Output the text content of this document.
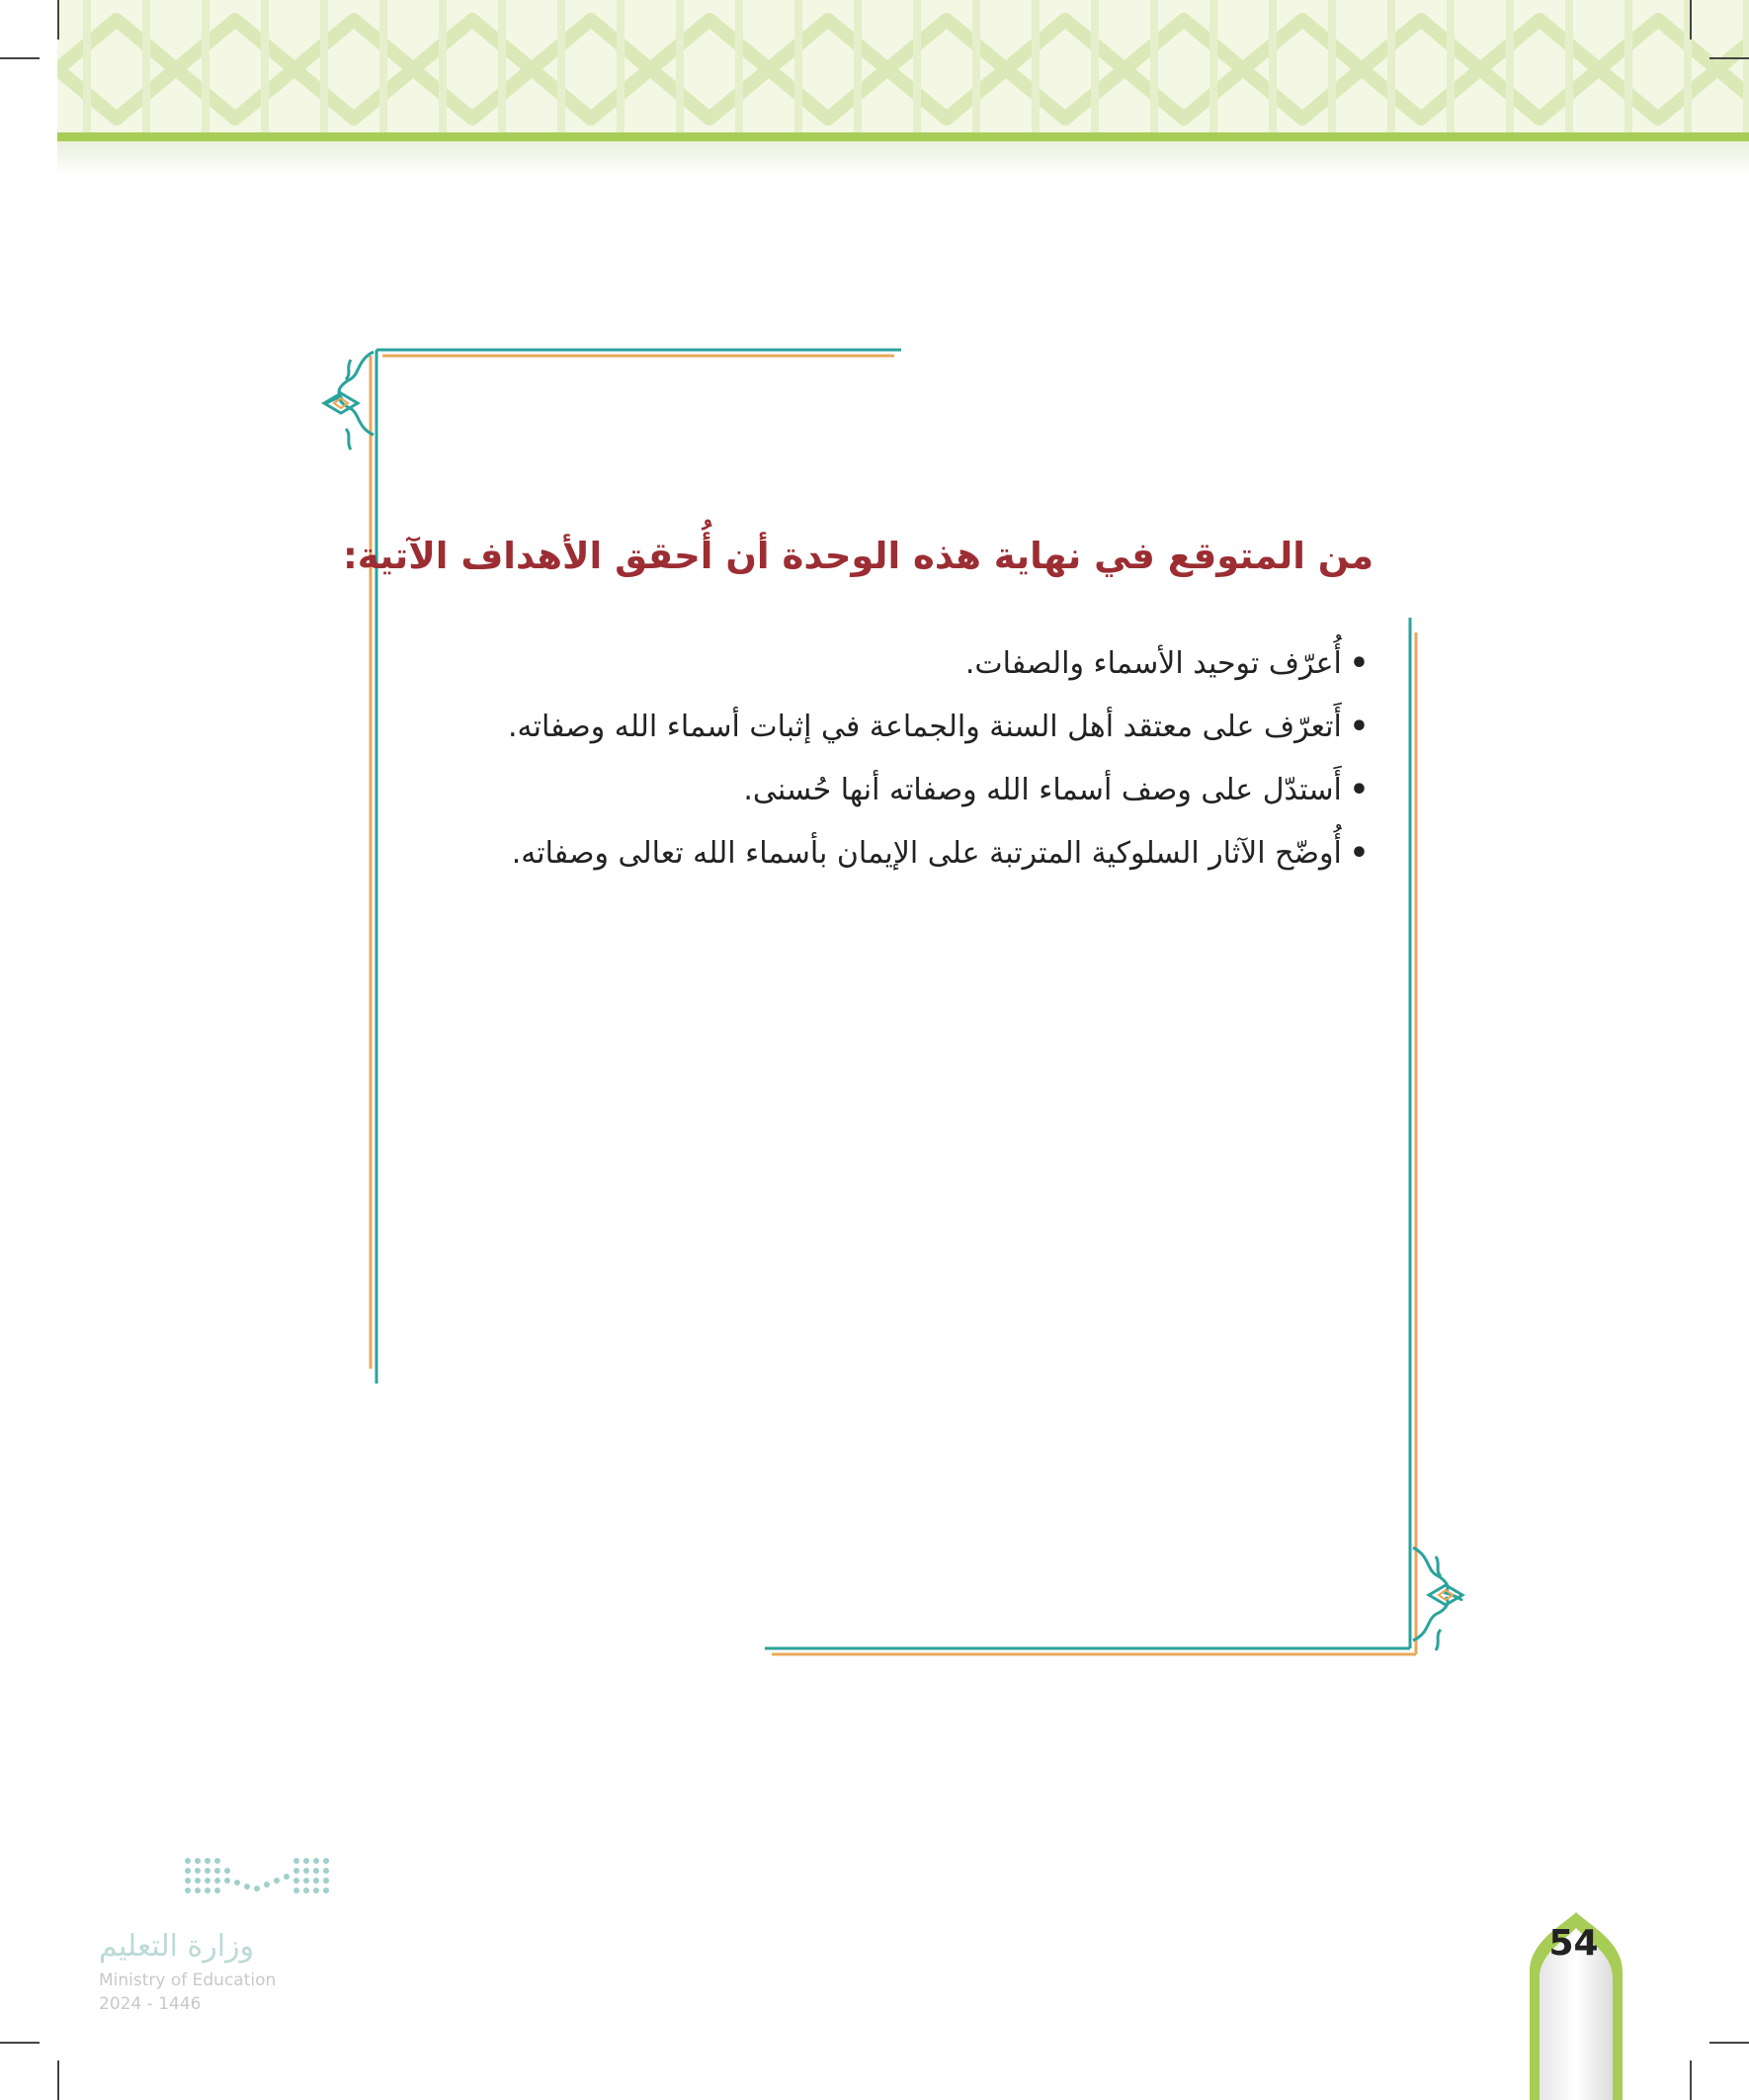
من المتوقع في نهاية هذه الوحدة أن أُحقق الأهداف الآتية:
•أُعرّف توحيد الأسماء والصفات.
•أَتعرّف على معتقد أهل السنة والجماعة في إثبات أسماء الله وصفاته.
•أَستدّل على وصف أسماء الله وصفاته أنها حُسنى.
•أُوضّح الآثار السلوكية المترتبة على الإيمان بأسماء الله تعالى وصفاته.
وزارة التعليم
Ministry of Education
2024 - 1446
54
